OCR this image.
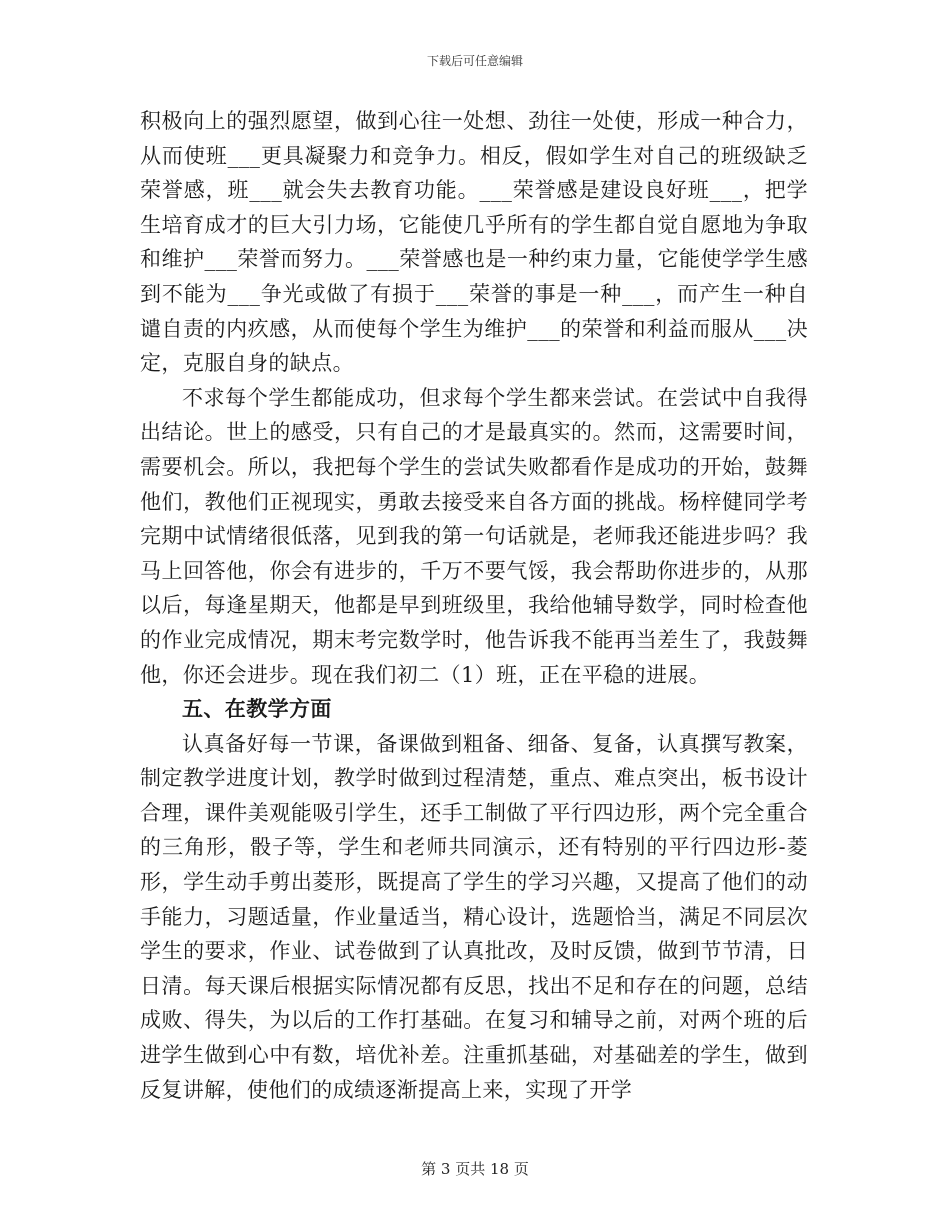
下载后可任意编辑

积极向上的强烈愿望，做到心往一处想、劲往一处使，形成一种合力，从而使班___更具凝聚力和竞争力。相反，假如学生对自己的班级缺乏荣誉感，班___就会失去教育功能。___荣誉感是建设良好班___，把学生培育成才的巨大引力场，它能使几乎所有的学生都自觉自愿地为争取和维护___荣誉而努力。___荣誉感也是一种约束力量，它能使学学生感到不能为___争光或做了有损于___荣誉的事是一种___，而产生一种自谴自责的内疚感，从而使每个学生为维护___的荣誉和利益而服从___决定，克服自身的缺点。

不求每个学生都能成功，但求每个学生都来尝试。在尝试中自我得出结论。世上的感受，只有自己的才是最真实的。然而，这需要时间，需要机会。所以，我把每个学生的尝试失败都看作是成功的开始，鼓舞他们，教他们正视现实，勇敢去接受来自各方面的挑战。杨梓健同学考完期中试情绪很低落，见到我的第一句话就是，老师我还能进步吗？我马上回答他，你会有进步的，千万不要气馁，我会帮助你进步的，从那以后，每逢星期天，他都是早到班级里，我给他辅导数学，同时检查他的作业完成情况，期末考完数学时，他告诉我不能再当差生了，我鼓舞他，你还会进步。现在我们初二（1）班，正在平稳的进展。

五、在教学方面

认真备好每一节课，备课做到粗备、细备、复备，认真撰写教案，制定教学进度计划，教学时做到过程清楚，重点、难点突出，板书设计合理，课件美观能吸引学生，还手工制做了平行四边形，两个完全重合的三角形，骰子等，学生和老师共同演示，还有特别的平行四边形-菱形，学生动手剪出菱形，既提高了学生的学习兴趣，又提高了他们的动手能力，习题适量，作业量适当，精心设计，选题恰当，满足不同层次学生的要求，作业、试卷做到了认真批改，及时反馈，做到节节清，日日清。每天课后根据实际情况都有反思，找出不足和存在的问题，总结成败、得失，为以后的工作打基础。在复习和辅导之前，对两个班的后进学生做到心中有数，培优补差。注重抓基础，对基础差的学生，做到反复讲解，使他们的成绩逐渐提高上来，实现了开学

第 3 页共 18 页
